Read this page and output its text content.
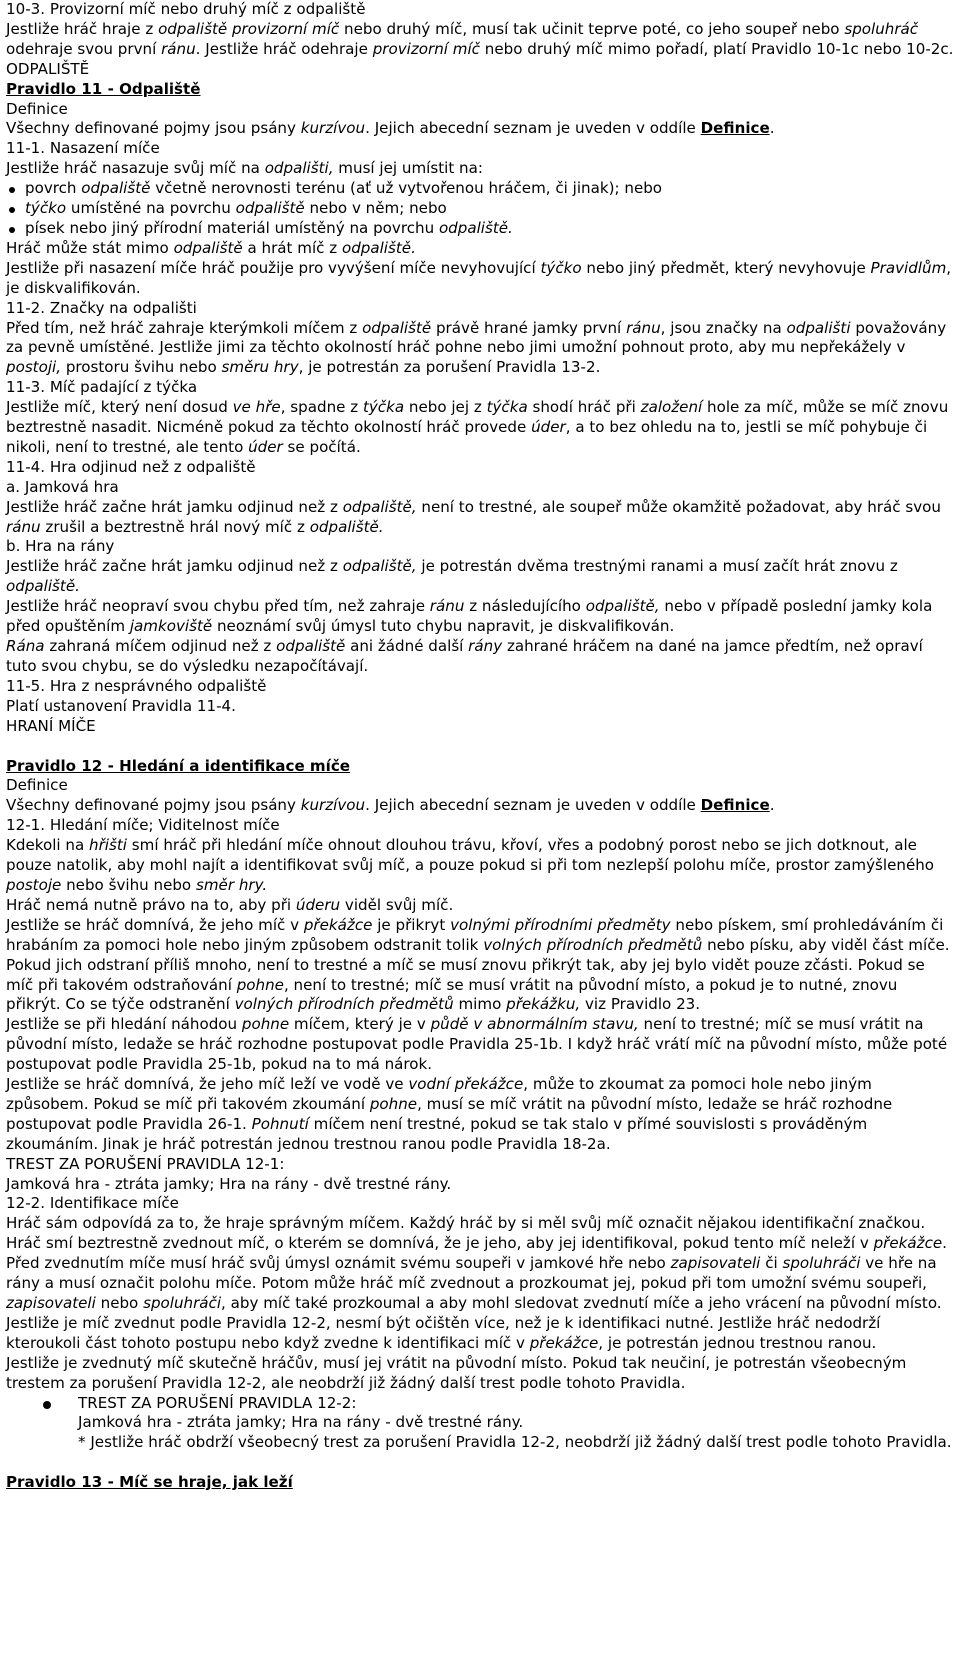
10-3. Provizorní míč nebo druhý míč z odpaliště

Jestliže hráč hraje z odpaliště provizorní míč nebo druhý míč, musí tak učinit teprve poté, co jeho soupeř nebo spoluhráč odehraje svou první ránu. Jestliže hráč odehraje provizorní míč nebo druhý míč mimo pořadí, platí Pravidlo 10-1c nebo 10-2c.

ODPALIŠTĚ

Pravidlo 11 - Odpaliště

Definice

Všechny definované pojmy jsou psány kurzívou. Jejich abecední seznam je uveden v oddíle Definice.

11-1. Nasazení míče

Jestliže hráč nasazuje svůj míč na odpališti, musí jej umístit na:

povrch odpaliště včetně nerovnosti terénu (ať už vytvořenou hráčem, či jinak); nebo
týčko umístěné na povrchu odpaliště nebo v něm; nebo
písek nebo jiný přírodní materiál umístěný na povrchu odpaliště.

Hráč může stát mimo odpaliště a hrát míč z odpaliště.

Jestliže při nasazení míče hráč použije pro vyvýšení míče nevyhovující týčko nebo jiný předmět, který nevyhovuje Pravidlům, je diskvalifikován.

11-2. Značky na odpališti

Před tím, než hráč zahraje kterýmkoli míčem z odpaliště právě hrané jamky první ránu, jsou značky na odpališti považovány za pevně umístěné. Jestliže jimi za těchto okolností hráč pohne nebo jimi umožní pohnout proto, aby mu nepřekážely v postoji, prostoru švihu nebo směru hry, je potrestán za porušení Pravidla 13-2.

11-3. Míč padající z týčka

Jestliže míč, který není dosud ve hře, spadne z týčka nebo jej z týčka shodí hráč při založení hole za míč, může se míč znovu beztrestně nasadit. Nicméně pokud za těchto okolností hráč provede úder, a to bez ohledu na to, jestli se míč pohybuje či nikoli, není to trestné, ale tento úder se počítá.

11-4. Hra odjinud než z odpaliště

a. Jamková hra

Jestliže hráč začne hrát jamku odjinud než z odpaliště, není to trestné, ale soupeř může okamžitě požadovat, aby hráč svou ránu zrušil a beztrestně hrál nový míč z odpaliště.

b. Hra na rány

Jestliže hráč začne hrát jamku odjinud než z odpaliště, je potrestán dvěma trestnými ranami a musí začít hrát znovu z odpaliště.

Jestliže hráč neopraví svou chybu před tím, než zahraje ránu z následujícího odpaliště, nebo v případě poslední jamky kola před opuštěním jamkoviště neoznámí svůj úmysl tuto chybu napravit, je diskvalifikován.

Rána zahraná míčem odjinud než z odpaliště ani žádné další rány zahrané hráčem na dané na jamce předtím, než opraví tuto svou chybu, se do výsledku nezapočítávají.

11-5. Hra z nesprávného odpaliště

Platí ustanovení Pravidla 11-4.

HRANÍ MÍČE

Pravidlo 12 - Hledání a identifikace míče

Definice

Všechny definované pojmy jsou psány kurzívou. Jejich abecední seznam je uveden v oddíle Definice.

12-1. Hledání míče; Viditelnost míče

Kdekoli na hřišti smí hráč při hledání míče ohnout dlouhou trávu, křoví, vřes a podobný porost nebo se jich dotknout, ale pouze natolik, aby mohl najít a identifikovat svůj míč, a pouze pokud si při tom nezlepší polohu míče, prostor zamýšleného postoje nebo švihu nebo směr hry.

Hráč nemá nutně právo na to, aby při úderu viděl svůj míč.

Jestliže se hráč domnívá, že jeho míč v překážce je přikryt volnými přírodními předměty nebo pískem, smí prohledáváním či hrabáním za pomoci hole nebo jiným způsobem odstranit tolik volných přírodních předmětů nebo písku, aby viděl část míče. Pokud jich odstraní příliš mnoho, není to trestné a míč se musí znovu přikrýt tak, aby jej bylo vidět pouze zčásti. Pokud se míč při takovém odstraňování pohne, není to trestné; míč se musí vrátit na původní místo, a pokud je to nutné, znovu přikrýt. Co se týče odstranění volných přírodních předmětů mimo překážku, viz Pravidlo 23.

Jestliže se při hledání náhodou pohne míčem, který je v půdě v abnormálním stavu, není to trestné; míč se musí vrátit na původní místo, ledaže se hráč rozhodne postupovat podle Pravidla 25-1b. I když hráč vrátí míč na původní místo, může poté postupovat podle Pravidla 25-1b, pokud na to má nárok.

Jestliže se hráč domnívá, že jeho míč leží ve vodě ve vodní překážce, může to zkoumat za pomoci hole nebo jiným způsobem. Pokud se míč při takovém zkoumání pohne, musí se míč vrátit na původní místo, ledaže se hráč rozhodne postupovat podle Pravidla 26-1. Pohnutí míčem není trestné, pokud se tak stalo v přímé souvislosti s prováděným zkoumáním. Jinak je hráč potrestán jednou trestnou ranou podle Pravidla 18-2a.

TREST ZA PORUŠENÍ PRAVIDLA 12-1:

Jamková hra - ztráta jamky; Hra na rány - dvě trestné rány.

12-2. Identifikace míče

Hráč sám odpovídá za to, že hraje správným míčem. Každý hráč by si měl svůj míč označit nějakou identifikační značkou.

Hráč smí beztrestně zvednout míč, o kterém se domnívá, že je jeho, aby jej identifikoval, pokud tento míč neleží v překážce.

Před zvednutím míče musí hráč svůj úmysl oznámit svému soupeři v jamkové hře nebo zapisovateli či spoluhráči ve hře na rány a musí označit polohu míče. Potom může hráč míč zvednout a prozkoumat jej, pokud při tom umožní svému soupeři, zapisovateli nebo spoluhráči, aby míč také prozkoumal a aby mohl sledovat zvednutí míče a jeho vrácení na původní místo. Jestliže je míč zvednut podle Pravidla 12-2, nesmí být očištěn více, než je k identifikaci nutné. Jestliže hráč nedodrží kteroukoli část tohoto postupu nebo když zvedne k identifikaci míč v překážce, je potrestán jednou trestnou ranou.

Jestliže je zvednutý míč skutečně hráčův, musí jej vrátit na původní místo. Pokud tak neučiní, je potrestán všeobecným trestem za porušení Pravidla 12-2, ale neobdrží již žádný další trest podle tohoto Pravidla.

TREST ZA PORUŠENÍ PRAVIDLA 12-2:
Jamková hra - ztráta jamky; Hra na rány - dvě trestné rány.
* Jestliže hráč obdrží všeobecný trest za porušení Pravidla 12-2, neobdrží již žádný další trest podle tohoto Pravidla.

Pravidlo 13 - Míč se hraje, jak leží
